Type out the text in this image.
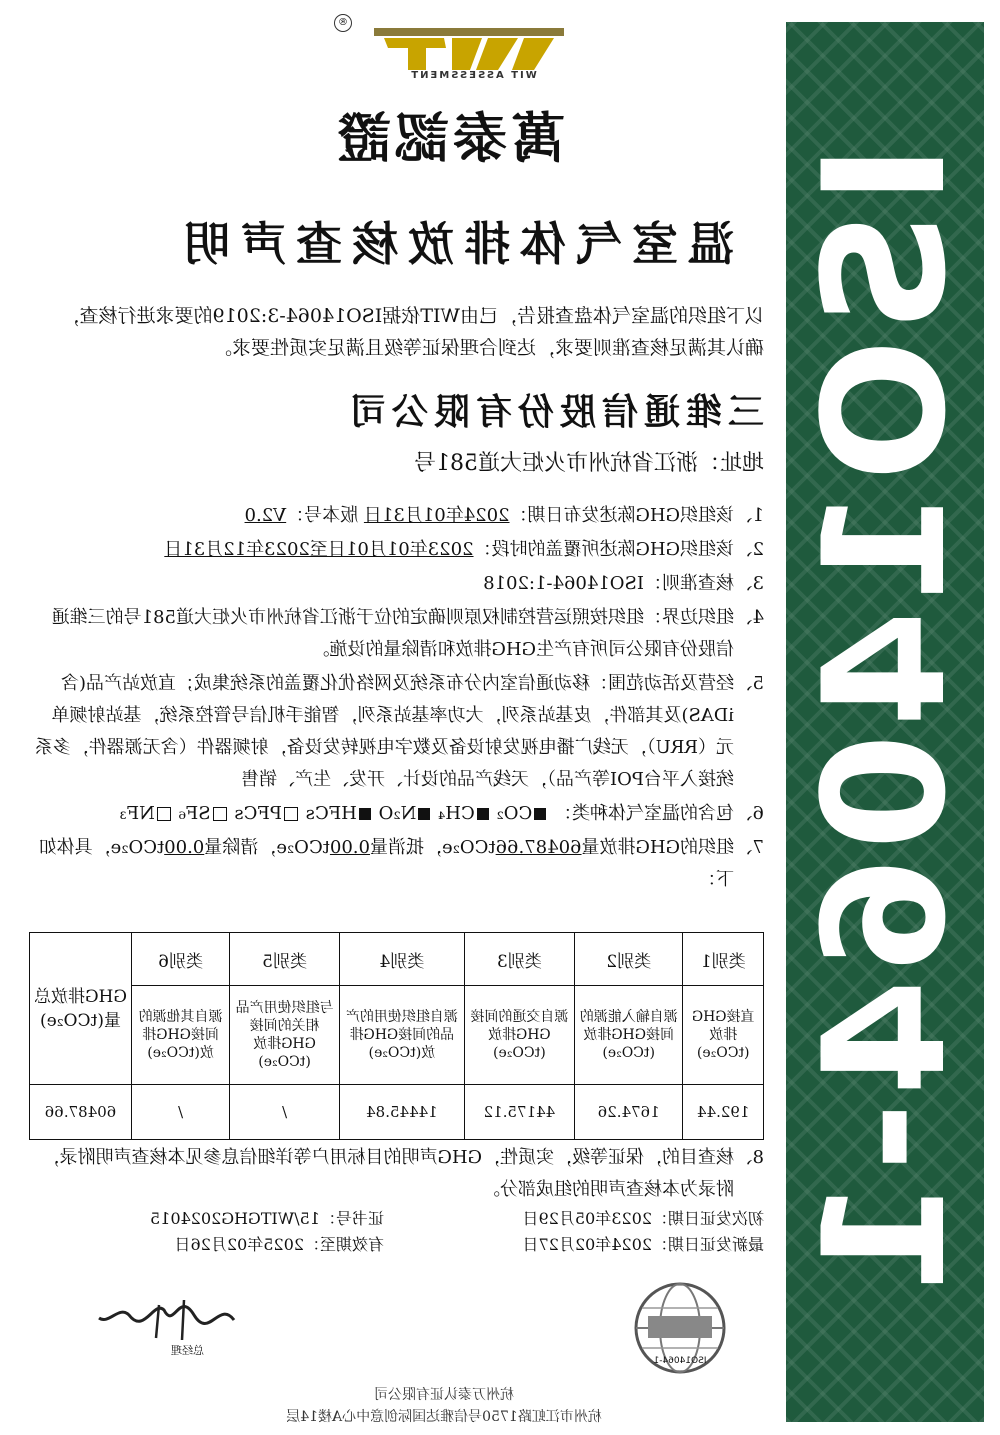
ISO14064-1
®
WIT ASSESSMENT
萬泰認證
温室气体排放核查声明
以下组织的温室气体盘查报告，已由WIT依据ISO14064-3:2019的要求进行核查，确认其满足核查准则要求，达到合理保证等级且满足实质性要求。
三维通信股份有限公司
地址：浙江省杭州市火炬大道581号
1、
该组织GHG陈述发布日期：2024年01月31日 版本号：V2.0
2、
该组织GHG陈述所覆盖的时段：2023年01月01日至2023年12月31日
3、
核查准则：ISO14064-1:2018
4、
组织边界：组织按照运营控制权原则确定的位于浙江省杭州市火炬大道581号的三维通信股份有限公司所有产生GHG排放和清除量的设施。
5、
经营及活动范围：移动通信室内分布系统及网络优化覆盖的系统集成；直放站产品(含iDAS)及其部件，皮基站系列，大功率基站系列，智能手机信号管控系统，基站射频单元（RRU），无线广播电视发射设备及数字电视转发设备，射频器件（含无源器件，多系统接入平台POI等产品），天线产品的设计、开发、生产、销售
6、
包含的温室气体种类： CO₂ CH₄ N₂O HFCs PFCs SF₆ NF₃
7、
组织的GHG排放量60487.66tCO₂e，抵消量0.00tCO₂e，清除量0.00tCO₂e，具体如下：
类别1	类别2	类别3	类别4	类别5	类别6	GHG排放总量(tCO₂e)
直接GHG排放(tCO₂e)	源自输入能源的间接GHG排放(tCO₂e)	源自交通的间接GHG排放(tCO₂e)	源自组织使用的产品的间接GHG排放(tCO₂e)	与组织使用产品相关的间接GHG排放(tCO₂e)	源自其他源的间接GHG排放(tCO₂e)	
192.44	1674.26	44175.12	14445.84	/	/	60487.66
8、
核查目的，保证等级，实质性，GHG声明的目标用户等详细信息参见本核查声明附录，附录为本核查声明的组成部分。
初次发证日期：2023年05月29日
证书号：15/WITGHG2024015
最新发证日期：2024年02月27日
有效期至：2025年02月26日
ISO14064-1
总经理
杭州万泰认证有限公司
杭州市江虹路1750号信雅达国际创意中心A楼14层
